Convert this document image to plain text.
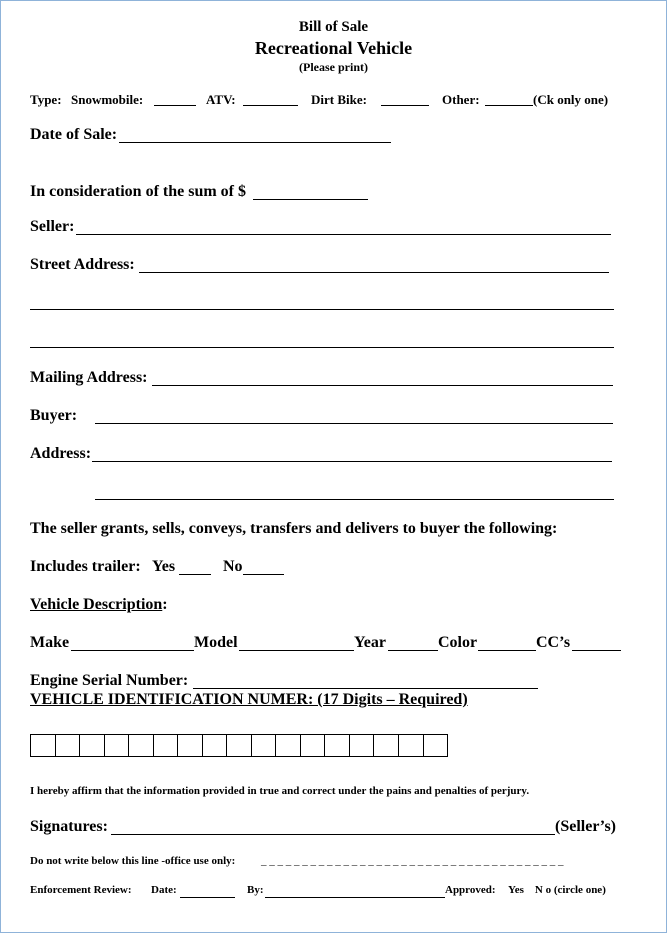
Bill of Sale
Recreational Vehicle
(Please print)
Type: Snowmobile:	ATV:	Dirt Bike:	Other:	(Ck only one)
Date of Sale:
In consideration of the sum of $
Seller:
Street Address:
Mailing Address:
Buyer:
Address:
The seller grants, sells, conveys, transfers and delivers to buyer the following:
Includes trailer: Yes	No
Vehicle Description:
Make	Model	Year	Color	CC’s
Engine Serial Number:
VEHICLE IDENTIFICATION NUMER: (17 Digits – Required)
I hereby affirm that the information provided in true and correct under the pains and penalties of perjury.
Signatures:	(Seller’s)
Do not write below this line -office use only: _ _ _ _ _ _ _ _ _ _ _ _ _ _ _ _ _ _ _ _ _ _ _ _ _ _ _ _ _ _ _ _ _ _ _ _ _
Enforcement Review: Date:	By:	Approved: Yes    N o (circle one)
